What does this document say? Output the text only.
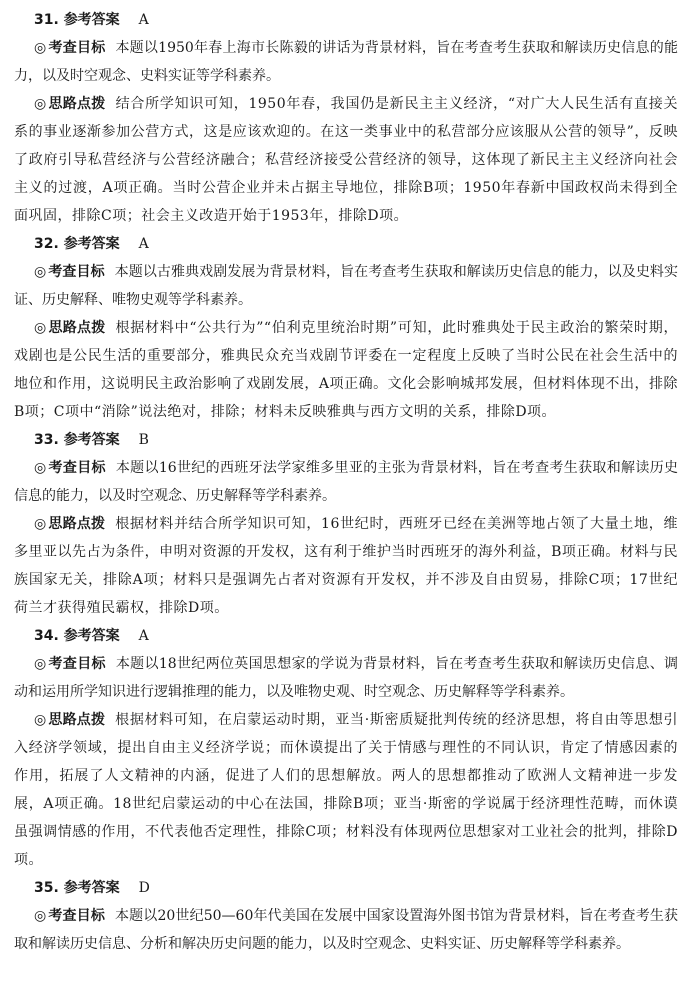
31. 参考答案 A

◎ 考查目标 本题以1950年春上海市长陈毅的讲话为背景材料，旨在考查考生获取和解读历史信息的能力，以及时空观念、史料实证等学科素养。

◎ 思路点拨 结合所学知识可知，1950年春，我国仍是新民主主义经济，“对广大人民生活有直接关系的事业逐渐参加公营方式，这是应该欢迎的。在这一类事业中的私营部分应该服从公营的领导”，反映了政府引导私营经济与公营经济融合；私营经济接受公营经济的领导，这体现了新民主主义经济向社会主义的过渡，A项正确。当时公营企业并未占据主导地位，排除B项；1950年春新中国政权尚未得到全面巩固，排除C项；社会主义改造开始于1953年，排除D项。

32. 参考答案 A

◎ 考查目标 本题以古雅典戏剧发展为背景材料，旨在考查考生获取和解读历史信息的能力，以及史料实证、历史解释、唯物史观等学科素养。

◎ 思路点拨 根据材料中“公共行为”“伯利克里统治时期”可知，此时雅典处于民主政治的繁荣时期，戏剧也是公民生活的重要部分，雅典民众充当戏剧节评委在一定程度上反映了当时公民在社会生活中的地位和作用，这说明民主政治影响了戏剧发展，A项正确。文化会影响城邦发展，但材料体现不出，排除B项；C项中“消除”说法绝对，排除；材料未反映雅典与西方文明的关系，排除D项。

33. 参考答案 B

◎ 考查目标 本题以16世纪的西班牙法学家维多里亚的主张为背景材料，旨在考查考生获取和解读历史信息的能力，以及时空观念、历史解释等学科素养。

◎ 思路点拨 根据材料并结合所学知识可知，16世纪时，西班牙已经在美洲等地占领了大量土地，维多里亚以先占为条件，申明对资源的开发权，这有利于维护当时西班牙的海外利益，B项正确。材料与民族国家无关，排除A项；材料只是强调先占者对资源有开发权，并不涉及自由贸易，排除C项；17世纪荷兰才获得殖民霸权，排除D项。

34. 参考答案 A

◎ 考查目标 本题以18世纪两位英国思想家的学说为背景材料，旨在考查考生获取和解读历史信息、调动和运用所学知识进行逻辑推理的能力，以及唯物史观、时空观念、历史解释等学科素养。

◎ 思路点拨 根据材料可知，在启蒙运动时期，亚当·斯密质疑批判传统的经济思想，将自由等思想引入经济学领域，提出自由主义经济学说；而休谟提出了关于情感与理性的不同认识，肯定了情感因素的作用，拓展了人文精神的内涵，促进了人们的思想解放。两人的思想都推动了欧洲人文精神进一步发展，A项正确。18世纪启蒙运动的中心在法国，排除B项；亚当·斯密的学说属于经济理性范畴，而休谟虽强调情感的作用，不代表他否定理性，排除C项；材料没有体现两位思想家对工业社会的批判，排除D项。

35. 参考答案 D

◎ 考查目标 本题以20世纪50—60年代美国在发展中国家设置海外图书馆为背景材料，旨在考查考生获取和解读历史信息、分析和解决历史问题的能力，以及时空观念、史料实证、历史解释等学科素养。
